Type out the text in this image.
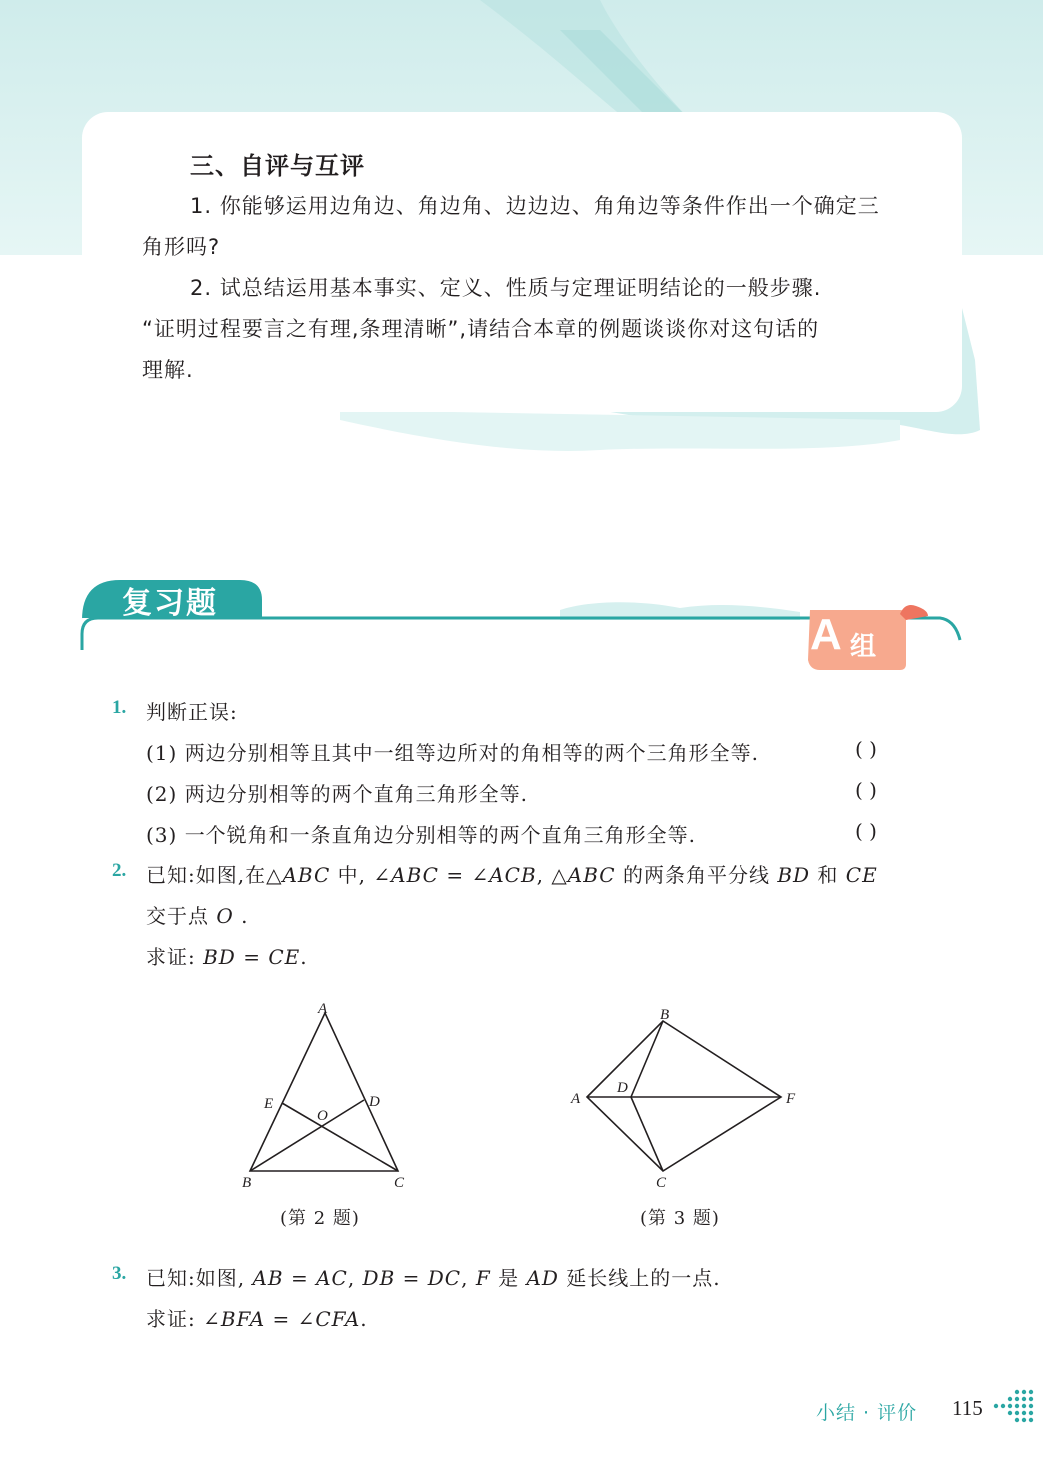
三、自评与互评
1. 你能够运用边角边、角边角、边边边、角角边等条件作出一个确定三
角形吗?
2. 试总结运用基本事实、定义、性质与定理证明结论的一般步骤.
“证明过程要言之有理,条理清晰”,请结合本章的例题谈谈你对这句话的
理解.
复习题
A 组
1. 判断正误:
(1) 两边分别相等且其中一组等边所对的角相等的两个三角形全等.	( )
(2) 两边分别相等的两个直角三角形全等.	( )
(3) 一个锐角和一条直角边分别相等的两个直角三角形全等.	( )
2. 已知:如图,在△ABC 中, ∠ABC = ∠ACB, △ABC 的两条角平分线 BD 和 CE
交于点 O .
求证: BD = CE.
A
B	C
D
E
O
(第 2 题)
A
B
C
D
F
(第 3 题)
3. 已知:如图, AB = AC, DB = DC, F 是 AD 延长线上的一点.
求证: ∠BFA = ∠CFA.
小结 · 评价 115
